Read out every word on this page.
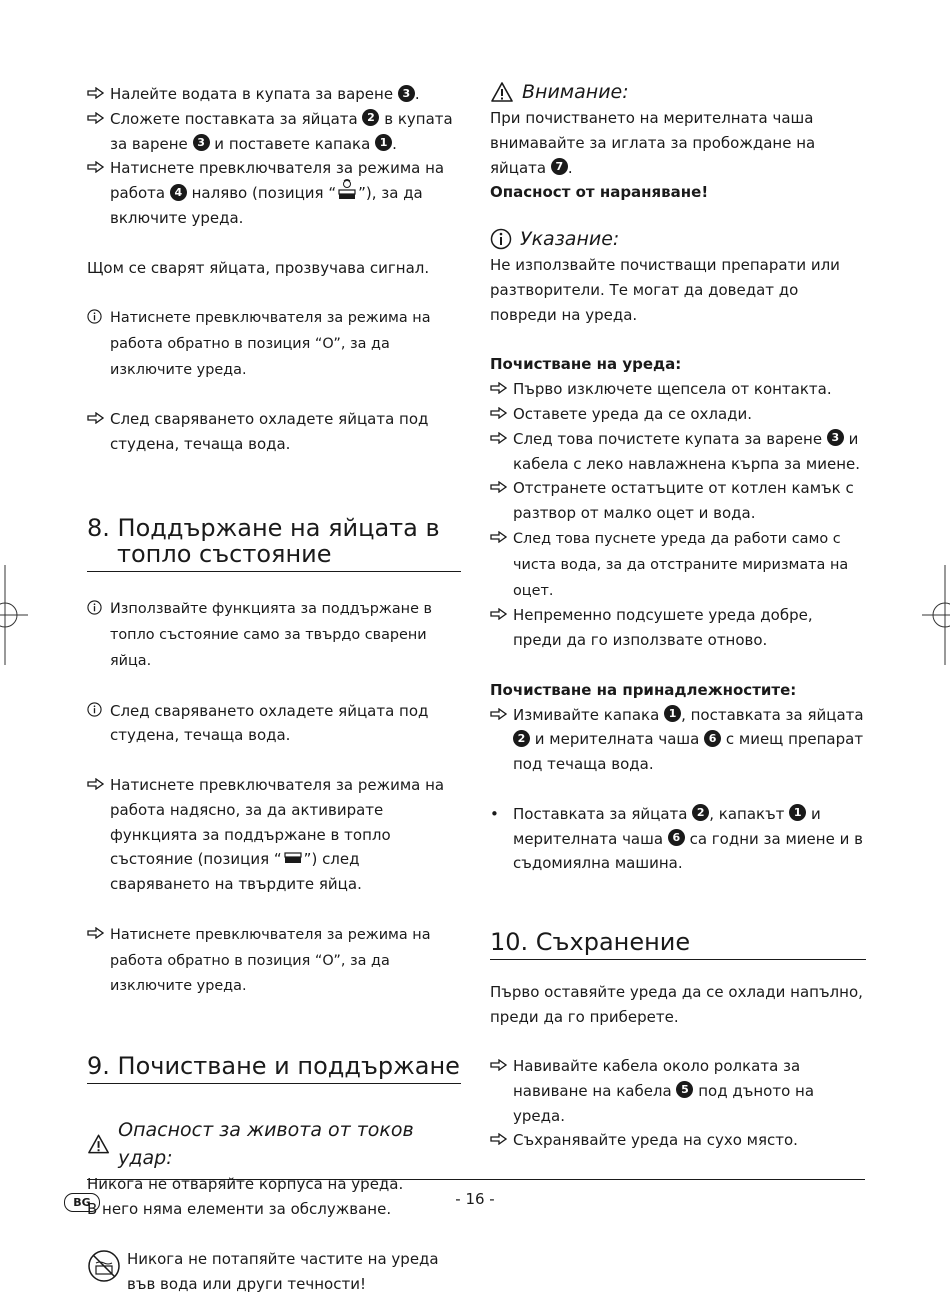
Налейте водата в купата за варене 3 .
Сложете поставката за яйцата 2 в купата за варене 3 и поставете капака 1 .
Натиснете превключвателя за режима на работа 4 наляво (позиция “ ”), за да включите уреда.
Щом се сварят яйцата, прозвучава сигнал.
Натиснете превключвателя за режима на работа обратно в позиция “O”, за да изключите уреда.
След сваряването охладете яйцата под студена, течаща вода.
8. Поддържане на яйцата в
топло състояние
Използвайте функцията за поддържане в топло състояние само за твърдо сварени яйца.
След сваряването охладете яйцата под студена, течаща вода.
Натиснете превключвателя за режима на работа надясно, за да активирате функцията за поддържане в топло състояние (позиция “ ”) след сваряването на твърдите яйца.
Натиснете превключвателя за режима на работа обратно в позиция “O”, за да изключите уреда.
9. Почистване и поддържане
Опасност за живота от токов удар:
Никога не отваряйте корпуса на уреда.
В него няма елементи за обслужване.
Никога не потапяйте частите на уреда във вода или други течности!
Внимание:
При почистването на мерителната чаша внимавайте за иглата за пробождане на яйцата 7 .
Опасност от нараняване!
Указание:
Не използвайте почистващи препарати или разтворители. Те могат да доведат до повреди на уреда.
Почистване на уреда:
Първо изключете щепсела от контакта.
Оставете уреда да се охлади.
След това почистете купата за варене 3 и кабела с леко навлажнена кърпа за миене.
Отстранете остатъците от котлен камък с разтвор от малко оцет и вода.
След това пуснете уреда да работи само с чиста вода, за да отстраните миризмата на оцет.
Непременно подсушете уреда добре, преди да го използвате отново.
Почистване на принадлежностите:
Измивайте капака 1 , поставката за яйцата 2 и мерителната чаша 6 с миещ препарат под течаща вода.
• Поставката за яйцата 2 , капакът 1 и мерителната чаша 6 са годни за миене и в съдомиялна машина.
10. Съхранение
Първо оставяйте уреда да се охлади напълно, преди да го приберете.
Навивайте кабела около ролката за навиване на кабела 5 под дъното на уреда.
Съхранявайте уреда на сухо място.
BG	- 16 -
